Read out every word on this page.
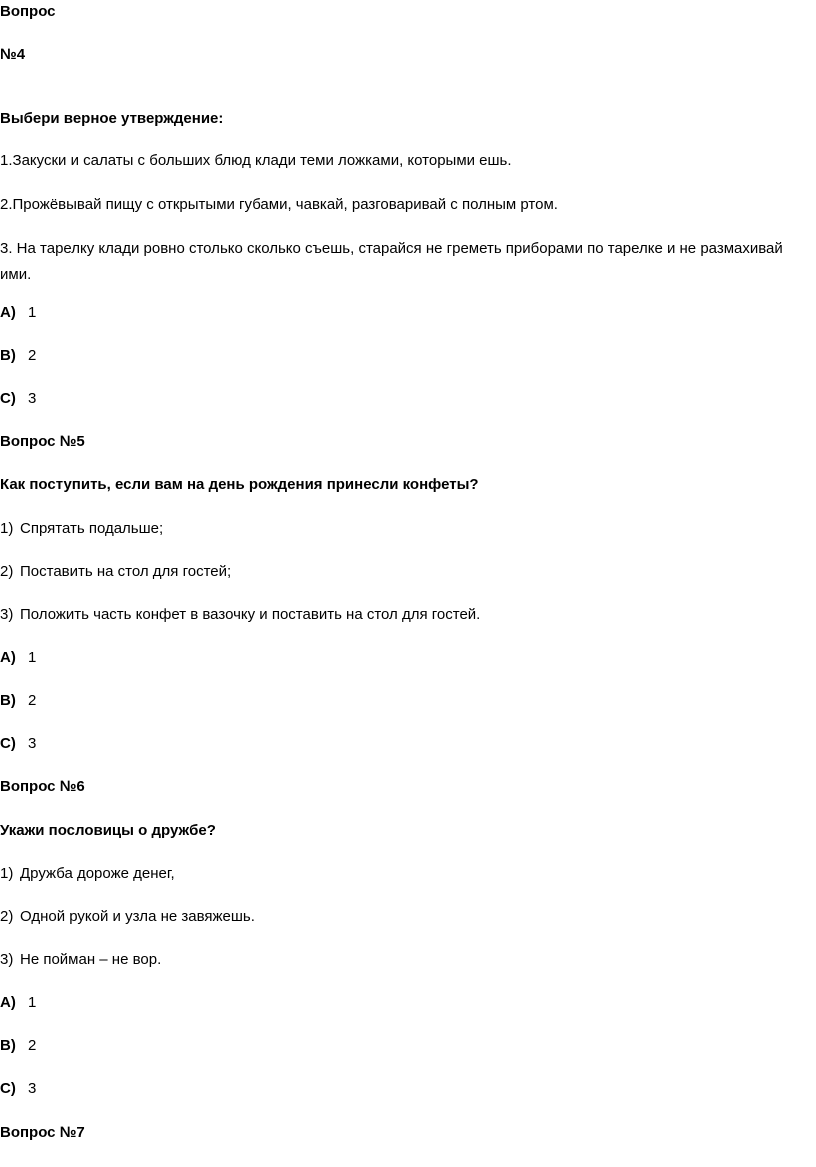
Вопрос
№4
Выбери верное утверждение:
1.Закуски и салаты с больших блюд клади теми ложками, которыми ешь.
2.Прожёвывай пищу с открытыми губами, чавкай, разговаривай с полным ртом.
3. На тарелку клади ровно столько сколько съешь, старайся не греметь приборами по тарелке и не размахивай ими.
A) 1
B) 2
C) 3
Вопрос №5
Как поступить, если вам на день рождения принесли конфеты?
1) Спрятать подальше;
2) Поставить на стол для гостей;
3) Положить часть конфет в вазочку и поставить на стол для гостей.
A) 1
B) 2
C) 3
Вопрос №6
Укажи пословицы о дружбе?
1) Дружба дороже денег,
2) Одной рукой и узла не завяжешь.
3) Не пойман – не вор.
A) 1
B) 2
C) 3
Вопрос №7
